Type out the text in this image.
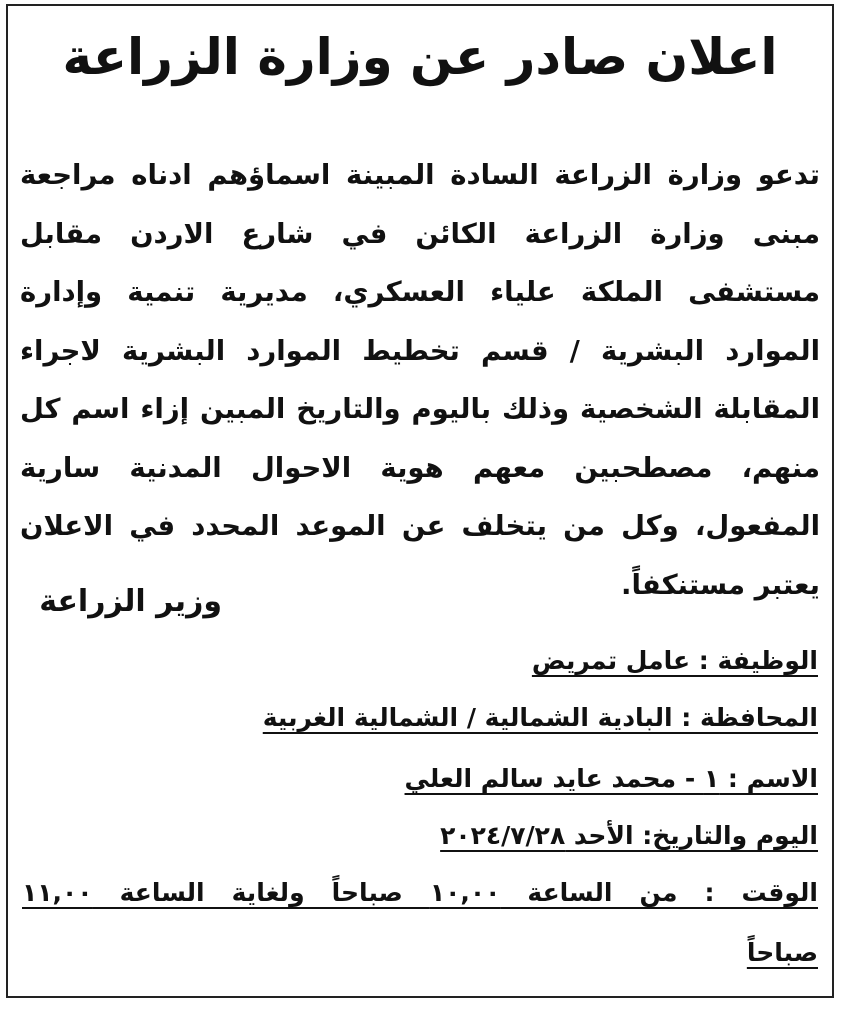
اعلان صادر عن وزارة الزراعة
تدعو وزارة الزراعة السادة المبينة اسماؤهم ادناه مراجعة مبنى وزارة الزراعة الكائن في شارع الاردن مقابل مستشفى الملكة علياء العسكري، مديرية تنمية وإدارة الموارد البشرية / قسم تخطيط الموارد البشرية لاجراء المقابلة الشخصية وذلك باليوم والتاريخ المبين إزاء اسم كل منهم، مصطحبين معهم هوية الاحوال المدنية سارية المفعول، وكل من يتخلف عن الموعد المحدد في الاعلان يعتبر مستنكفاً.
وزير الزراعة
الوظيفة : عامل تمريض
المحافظة : البادية الشمالية / الشمالية الغربية
الاسم : ١ - محمد عايد سالم العلي
اليوم والتاريخ: الأحد ٢٠٢٤/٧/٢٨
الوقت : من الساعة ١٠,٠٠ صباحاً ولغاية الساعة ١١,٠٠
صباحاً
